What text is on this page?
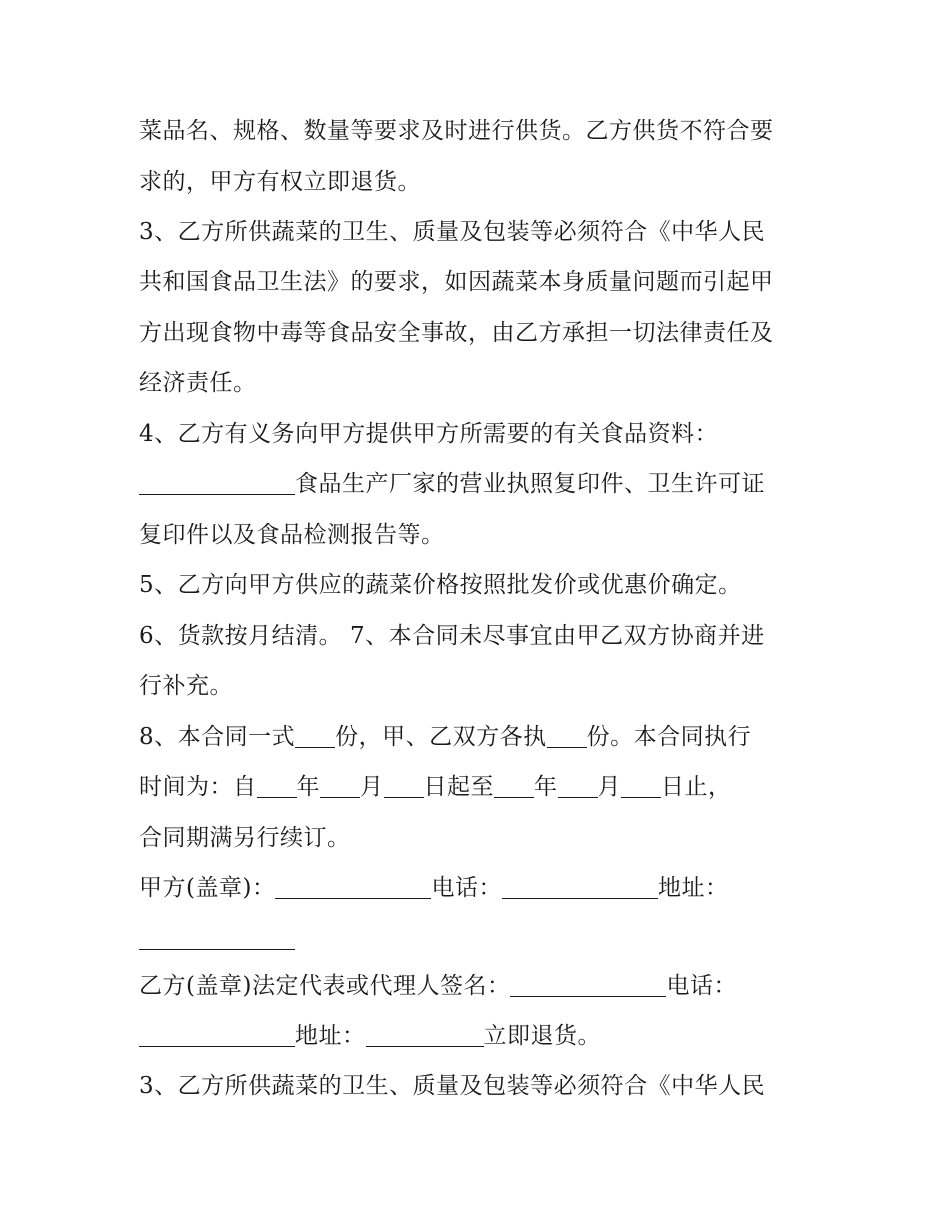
菜品名、规格、数量等要求及时进行供货。乙方供货不符合要
求的，甲方有权立即退货。
3、乙方所供蔬菜的卫生、质量及包装等必须符合《中华人民
共和国食品卫生法》的要求，如因蔬菜本身质量问题而引起甲
方出现食物中毒等食品安全事故，由乙方承担一切法律责任及
经济责任。
4、乙方有义务向甲方提供甲方所需要的有关食品资料：
食品生产厂家的营业执照复印件、卫生许可证
复印件以及食品检测报告等。
5、乙方向甲方供应的蔬菜价格按照批发价或优惠价确定。
6、货款按月结清。 7、本合同未尽事宜由甲乙双方协商并进
行补充。
8、本合同一式 份，甲、乙双方各执 份。本合同执行
时间为：自 年 月 日起至 年 月 日止，
合同期满另行续订。
甲方(盖章)：	电话：	地址：
乙方(盖章)法定代表或代理人签名：	电话：
地址：	立即退货。
3、乙方所供蔬菜的卫生、质量及包装等必须符合《中华人民
